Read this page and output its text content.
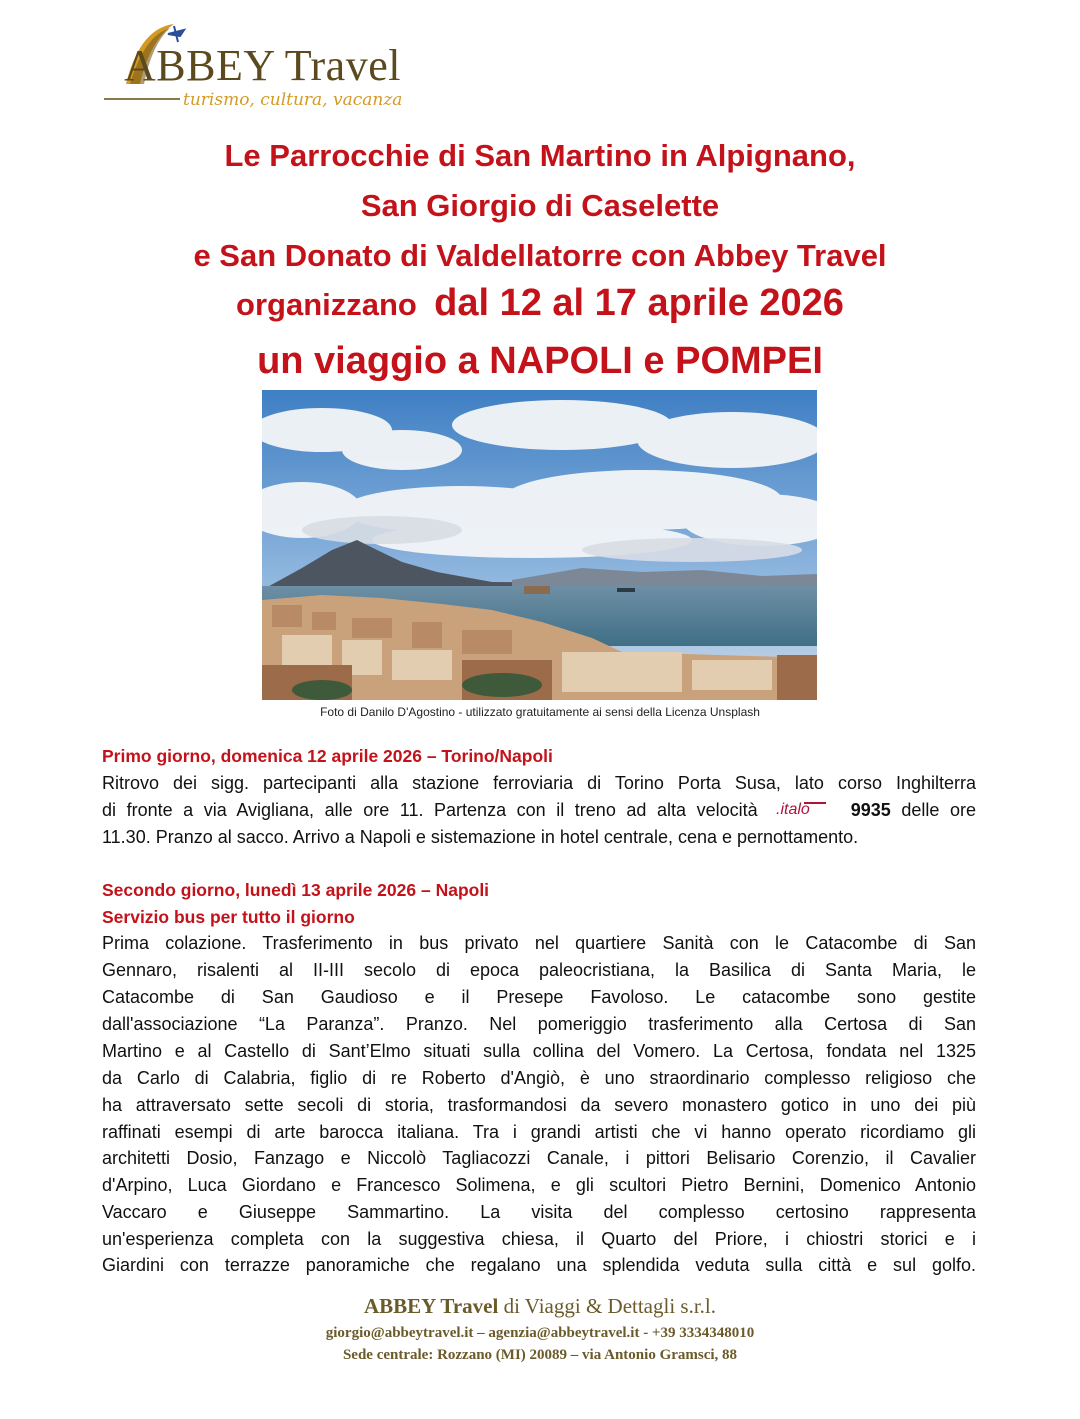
ABBEY Travel

turismo, cultura, vacanza
Le Parrocchie di San Martino in Alpignano,
San Giorgio di Caselette
e San Donato di Valdellatorre con Abbey Travel
organizzano dal 12 al 17 aprile 2026
un viaggio a NAPOLI e POMPEI
Foto di Danilo D'Agostino - utilizzato gratuitamente ai sensi della Licenza Unsplash
Primo giorno, domenica 12 aprile 2026 – Torino/Napoli

Ritrovo dei sigg. partecipanti alla stazione ferroviaria di Torino Porta Susa, lato corso Inghilterra

di fronte a via Avigliana, alle ore 11. Partenza con il treno ad alta velocità .italo 9935 delle ore

11.30. Pranzo al sacco. Arrivo a Napoli e sistemazione in hotel centrale, cena e pernottamento.

Secondo giorno, lunedì 13 aprile 2026 – Napoli
Servizio bus per tutto il giorno

Prima colazione. Trasferimento in bus privato nel quartiere Sanità con le Catacombe di San

Gennaro, risalenti al II-III secolo di epoca paleocristiana, la Basilica di Santa Maria, le

Catacombe di San Gaudioso e il Presepe Favoloso. Le catacombe sono gestite

dall'associazione “La Paranza”. Pranzo. Nel pomeriggio trasferimento alla Certosa di San

Martino e al Castello di Sant’Elmo situati sulla collina del Vomero. La Certosa, fondata nel 1325

da Carlo di Calabria, figlio di re Roberto d'Angiò, è uno straordinario complesso religioso che

ha attraversato sette secoli di storia, trasformandosi da severo monastero gotico in uno dei più

raffinati esempi di arte barocca italiana. Tra i grandi artisti che vi hanno operato ricordiamo gli

architetti Dosio, Fanzago e Niccolò Tagliacozzi Canale, i pittori Belisario Corenzio, il Cavalier

d'Arpino, Luca Giordano e Francesco Solimena, e gli scultori Pietro Bernini, Domenico Antonio

Vaccaro e Giuseppe Sammartino. La visita del complesso certosino rappresenta

un'esperienza completa con la suggestiva chiesa, il Quarto del Priore, i chiostri storici e i

Giardini con terrazze panoramiche che regalano una splendida veduta sulla città e sul golfo.

ABBEY Travel di Viaggi & Dettagli s.r.l.

giorgio@abbeytravel.it – agenzia@abbeytravel.it - +39 3334348010

Sede centrale: Rozzano (MI) 20089 – via Antonio Gramsci, 88
